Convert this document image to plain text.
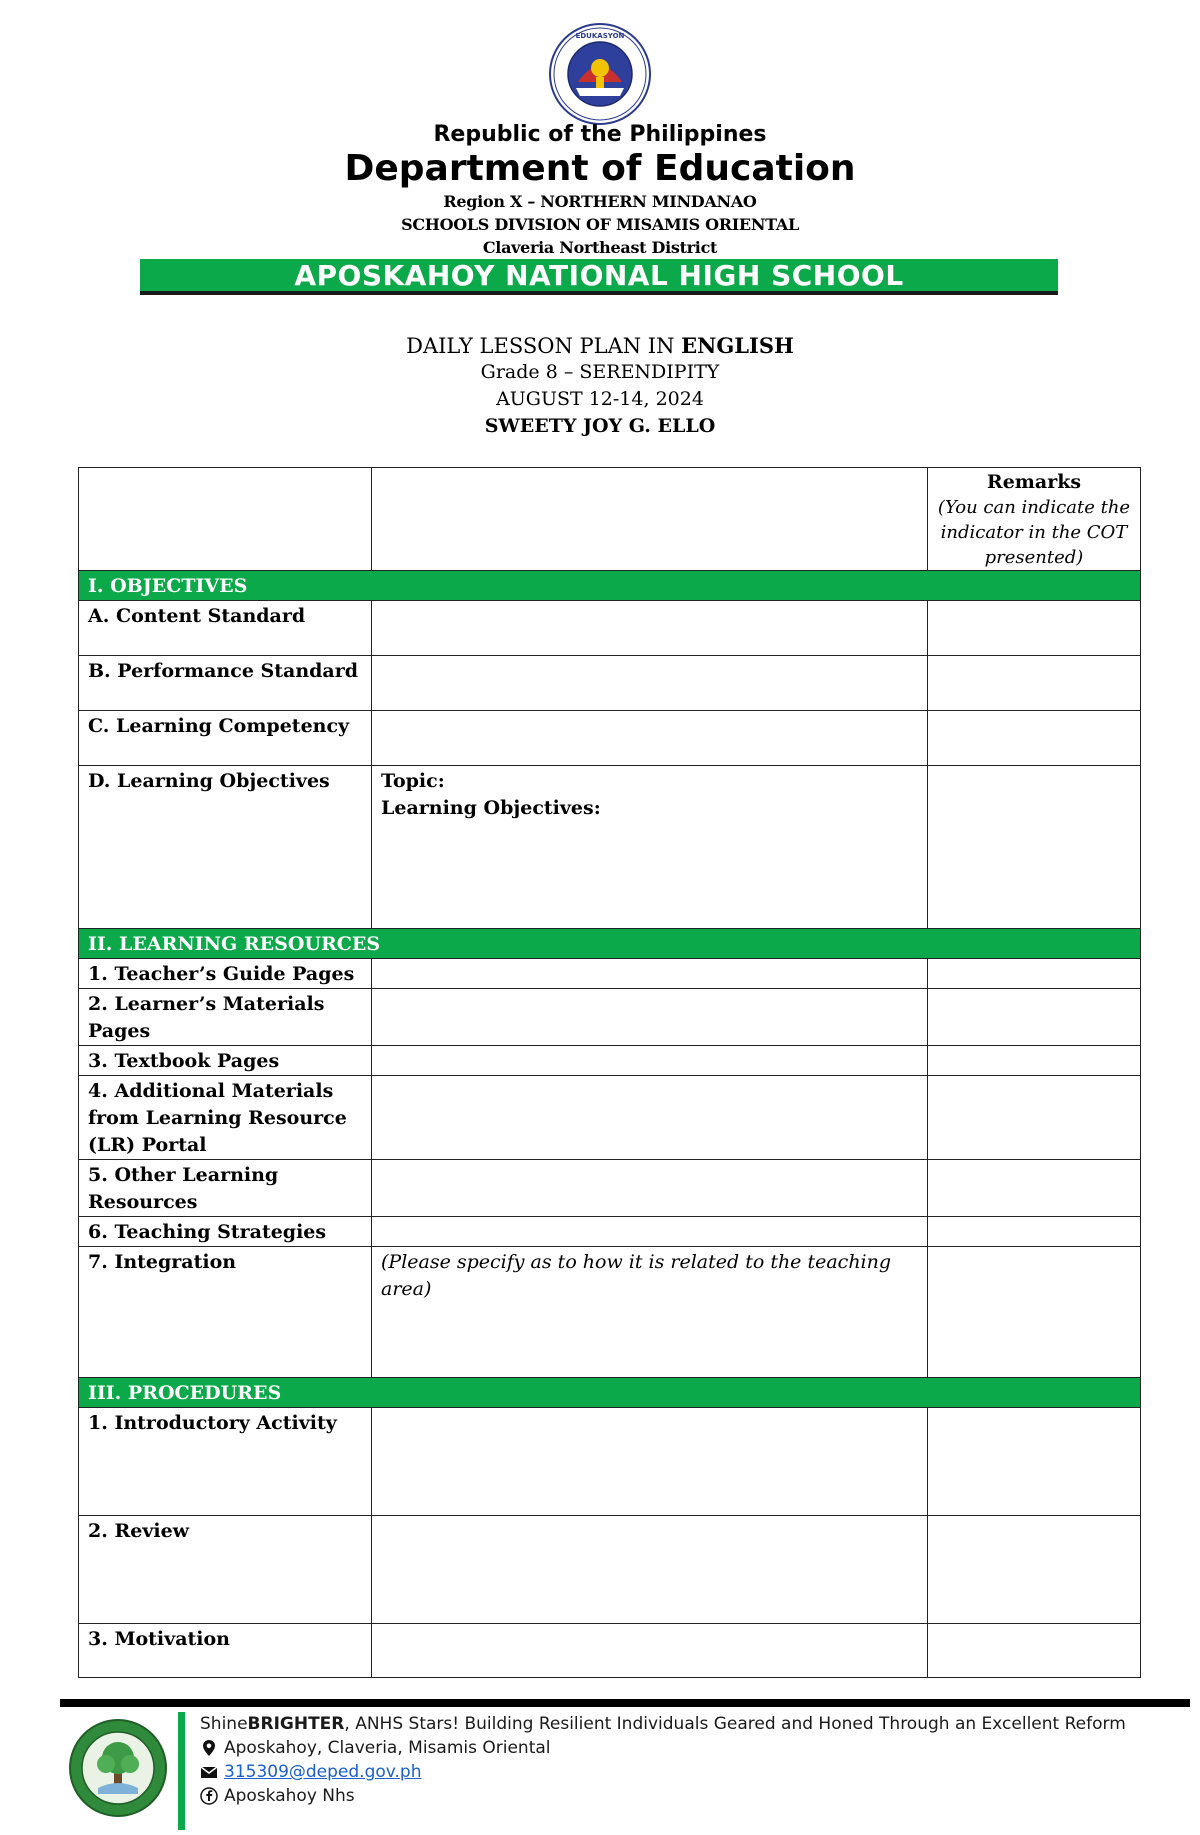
EDUKASYON
Republic of the Philippines
Department of Education
Region X – NORTHERN MINDANAO
SCHOOLS DIVISION OF MISAMIS ORIENTAL
Claveria Northeast District
APOSKAHOY NATIONAL HIGH SCHOOL
DAILY LESSON PLAN IN ENGLISH
Grade 8 – SERENDIPITY
AUGUST 12-14, 2024
SWEETY JOY G. ELLO

		Remarks
(You can indicate the indicator in the COT presented)

I. OBJECTIVES		
A. Content Standard		
B. Performance Standard		
C. Learning Competency		
D. Learning Objectives	Topic:
Learning Objectives:	

II. LEARNING RESOURCES		
1. Teacher’s Guide Pages		
2. Learner’s Materials Pages		
3. Textbook Pages		
4. Additional Materials from Learning Resource (LR) Portal		
5. Other Learning Resources		
6. Teaching Strategies		
7. Integration	(Please specify as to how it is related to the teaching area)	
III. PROCEDURES		
1. Introductory Activity		
2. Review		
3. Motivation		
Shine BRIGHTER , ANHS Stars! Building Resilient Individuals Geared and Honed Through an Excellent Reform
Aposkahoy, Claveria, Misamis Oriental
315309@deped.gov.ph
Aposkahoy Nhs
